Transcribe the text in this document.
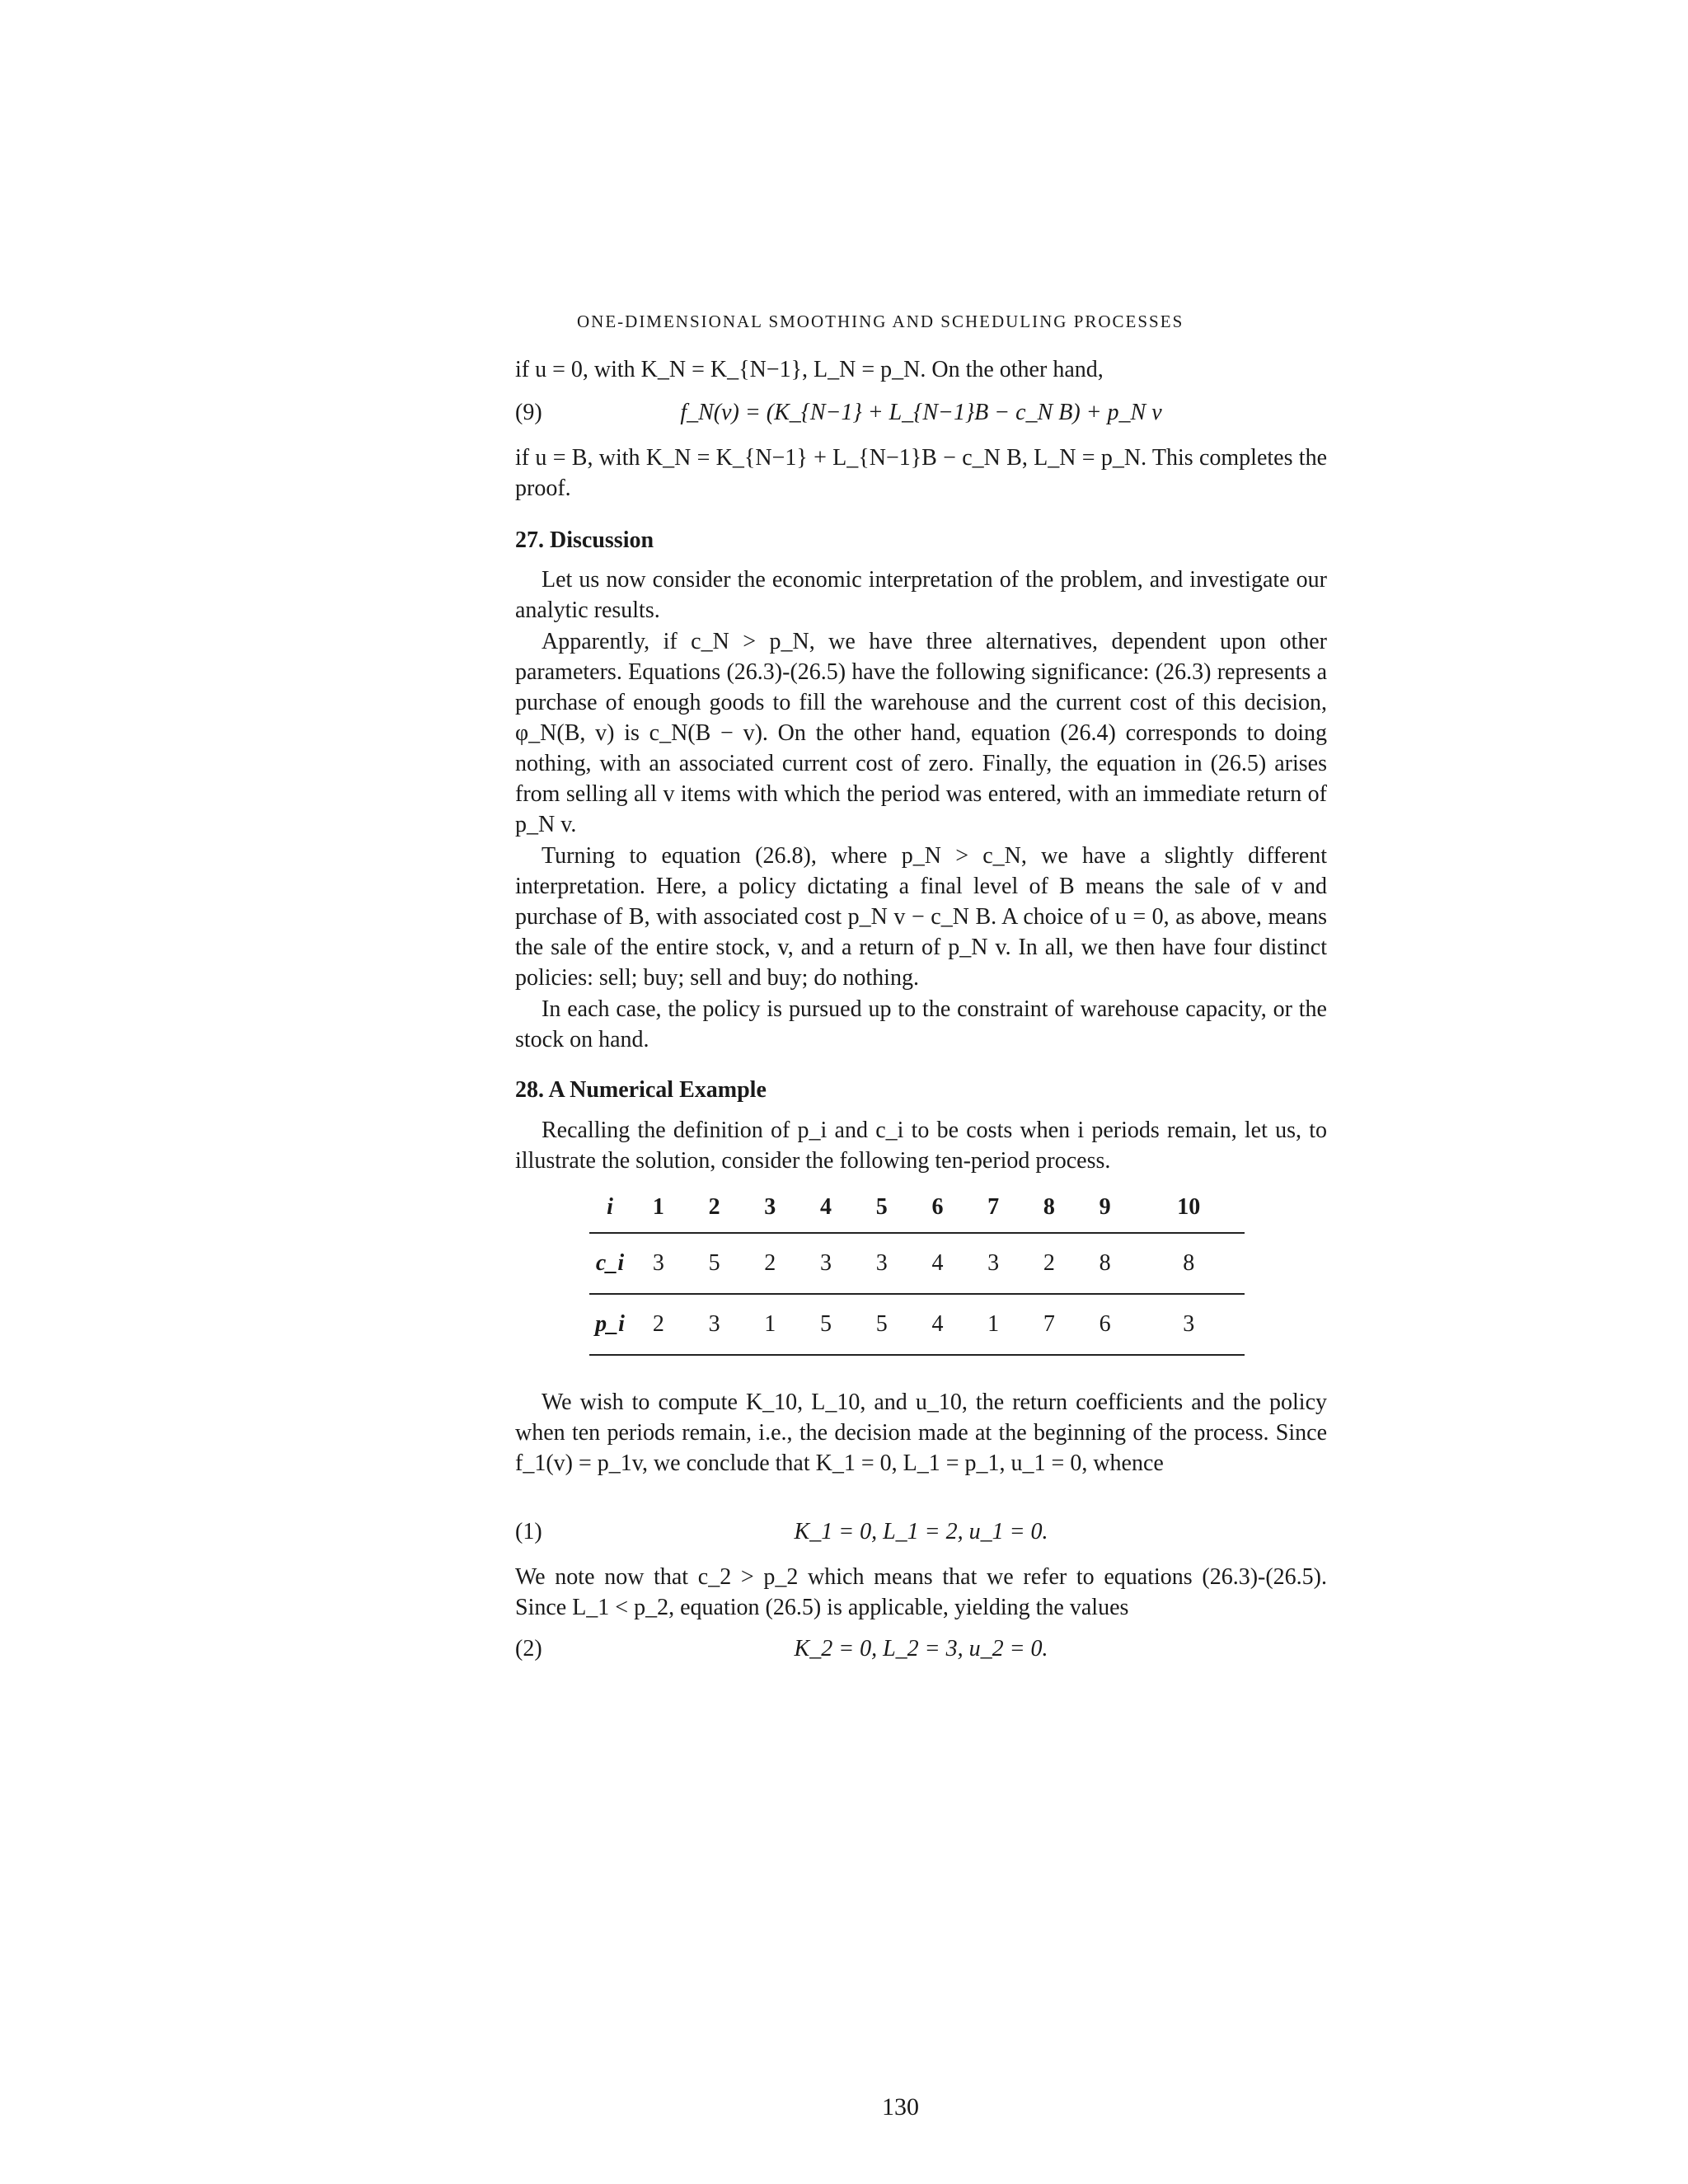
ONE-DIMENSIONAL SMOOTHING AND SCHEDULING PROCESSES
if u = 0, with K_N = K_{N−1}, L_N = p_N. On the other hand,
(9)	f_N(v) = (K_{N−1} + L_{N−1}B − c_N B) + p_N v
if u = B, with K_N = K_{N−1} + L_{N−1}B − c_N B, L_N = p_N. This completes the proof.
27. Discussion
Let us now consider the economic interpretation of the problem, and investigate our analytic results.
Apparently, if c_N > p_N, we have three alternatives, dependent upon other parameters. Equations (26.3)-(26.5) have the following significance: (26.3) represents a purchase of enough goods to fill the warehouse and the current cost of this decision, φ_N(B, v) is c_N(B − v). On the other hand, equation (26.4) corresponds to doing nothing, with an associated current cost of zero. Finally, the equation in (26.5) arises from selling all v items with which the period was entered, with an immediate return of p_N v.
Turning to equation (26.8), where p_N > c_N, we have a slightly different interpretation. Here, a policy dictating a final level of B means the sale of v and purchase of B, with associated cost p_N v − c_N B. A choice of u = 0, as above, means the sale of the entire stock, v, and a return of p_N v. In all, we then have four distinct policies: sell; buy; sell and buy; do nothing.
In each case, the policy is pursued up to the constraint of warehouse capacity, or the stock on hand.
28. A Numerical Example
Recalling the definition of p_i and c_i to be costs when i periods remain, let us, to illustrate the solution, consider the following ten-period process.
i	1	2	3	4	5	6	7	8	9	10
c_i	3	5	2	3	3	4	3	2	8	8
p_i	2	3	1	5	5	4	1	7	6	3
We wish to compute K_10, L_10, and u_10, the return coefficients and the policy when ten periods remain, i.e., the decision made at the beginning of the process. Since f_1(v) = p_1v, we conclude that K_1 = 0, L_1 = p_1, u_1 = 0, whence
(1)	K_1 = 0, L_1 = 2, u_1 = 0.
We note now that c_2 > p_2 which means that we refer to equations (26.3)-(26.5). Since L_1 < p_2, equation (26.5) is applicable, yielding the values
(2)	K_2 = 0, L_2 = 3, u_2 = 0.
130
